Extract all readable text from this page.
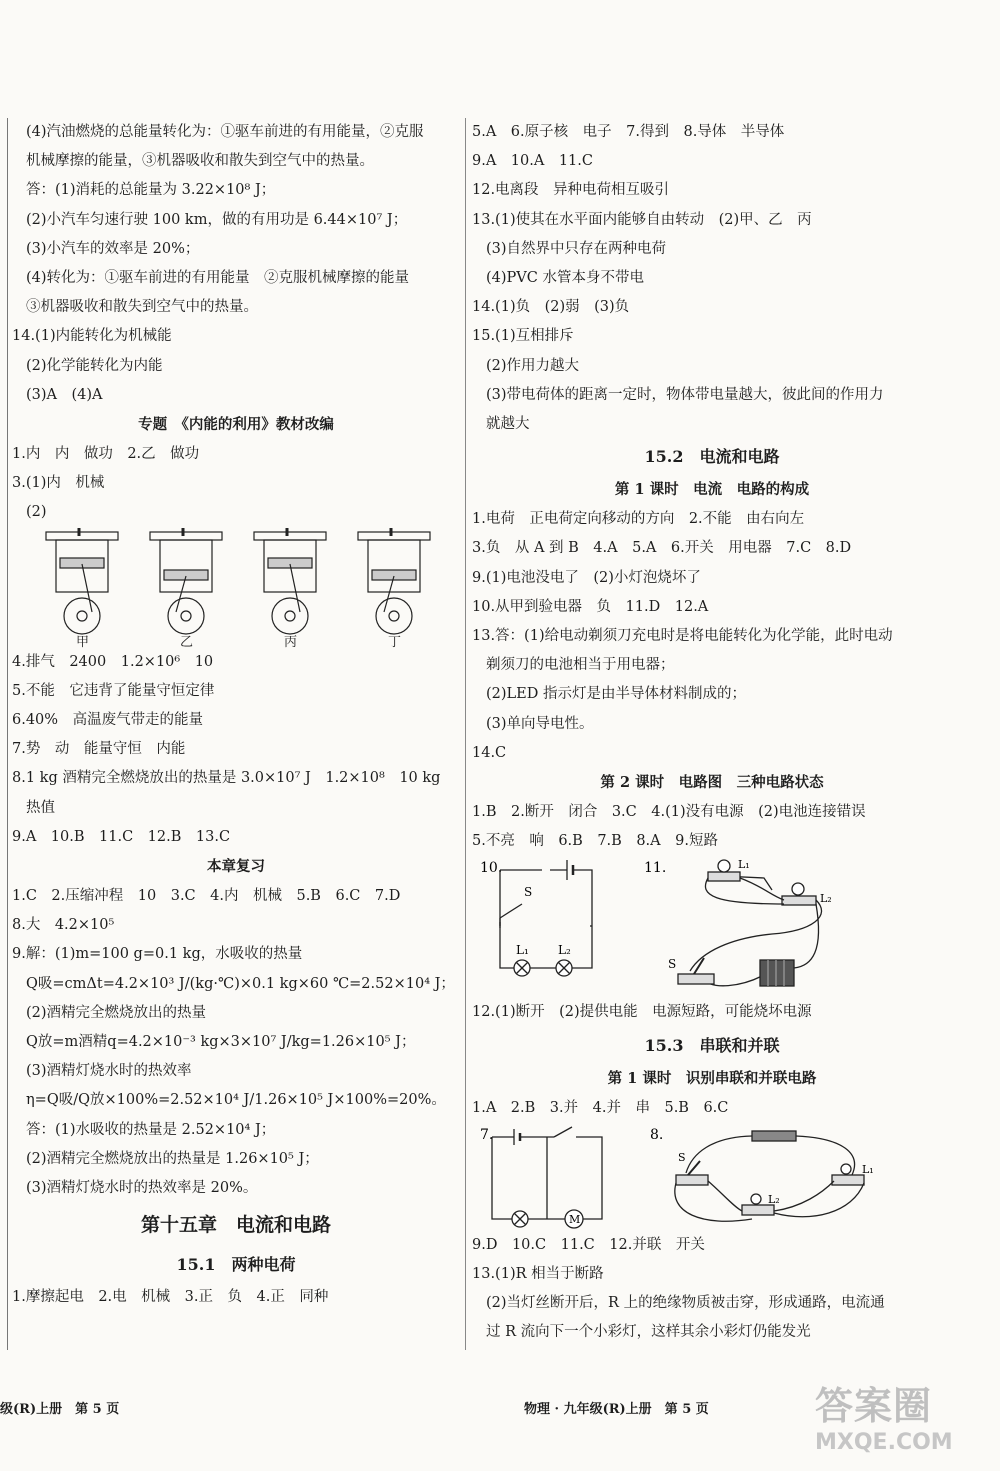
(4)汽油燃烧的总能量转化为：①驱车前进的有用能量，②克服
机械摩擦的能量，③机器吸收和散失到空气中的热量。
答：(1)消耗的总能量为 3.22×10⁸ J；
(2)小汽车匀速行驶 100 km，做的有用功是 6.44×10⁷ J；
(3)小汽车的效率是 20%；
(4)转化为：①驱车前进的有用能量　②克服机械摩擦的能量
③机器吸收和散失到空气中的热量。
14.(1)内能转化为机械能
(2)化学能转化为内能
(3)A　(4)A
专题　《内能的利用》教材改编
1.内　内　做功　2.乙　做功
3.(1)内　机械
(2)
甲	乙	丙	丁
4.排气　2400　1.2×10⁶　10
5.不能　它违背了能量守恒定律
6.40%　高温废气带走的能量
7.势　动　能量守恒　内能
8.1 kg 酒精完全燃烧放出的热量是 3.0×10⁷ J　1.2×10⁸　10 kg
热值
9.A　10.B　11.C　12.B　13.C
本章复习
1.C　2.压缩冲程　10　3.C　4.内　机械　5.B　6.C　7.D
8.大　4.2×10⁵
9.解：(1)m=100 g=0.1 kg，水吸收的热量
Q吸=cmΔt=4.2×10³ J/(kg·℃)×0.1 kg×60 ℃=2.52×10⁴ J；
(2)酒精完全燃烧放出的热量
Q放=m酒精q=4.2×10⁻³ kg×3×10⁷ J/kg=1.26×10⁵ J；
(3)酒精灯烧水时的热效率
η=Q吸/Q放×100%=2.52×10⁴ J/1.26×10⁵ J×100%=20%。
答：(1)水吸收的热量是 2.52×10⁴ J；
(2)酒精完全燃烧放出的热量是 1.26×10⁵ J；
(3)酒精灯烧水时的热效率是 20%。
第十五章　电流和电路
15.1　两种电荷
1.摩擦起电　2.电　机械　3.正　负　4.正　同种
5.A　6.原子核　电子　7.得到　8.导体　半导体
9.A　10.A　11.C
12.电离段　异种电荷相互吸引
13.(1)使其在水平面内能够自由转动　(2)甲、乙　丙
(3)自然界中只存在两种电荷
(4)PVC 水管本身不带电
14.(1)负　(2)弱　(3)负
15.(1)互相排斥
(2)作用力越大
(3)带电荷体的距离一定时，物体带电量越大，彼此间的作用力
就越大
15.2　电流和电路
第 1 课时　电流　电路的构成
1.电荷　正电荷定向移动的方向　2.不能　由右向左
3.负　从 A 到 B　4.A　5.A　6.开关　用电器　7.C　8.D
9.(1)电池没电了　(2)小灯泡烧坏了
10.从甲到验电器　负　11.D　12.A
13.答：(1)给电动剃须刀充电时是将电能转化为化学能，此时电动
剃须刀的电池相当于用电器；
(2)LED 指示灯是由半导体材料制成的；
(3)单向导电性。
14.C
第 2 课时　电路图　三种电路状态
1.B　2.断开　闭合　3.C　4.(1)没有电源　(2)电池连接错误
5.不亮　响　6.B　7.B　8.A　9.短路
10.
S
L₁ L₂
11.	L₁
L₂
S
12.(1)断开　(2)提供电能　电源短路，可能烧坏电源
15.3　串联和并联
第 1 课时　识别串联和并联电路
1.A　2.B　3.并　4.并　串　5.B　6.C
7.
M
8.
S
L₁
L₂
9.D　10.C　11.C　12.并联　开关
13.(1)R 相当于断路
(2)当灯丝断开后，R 上的绝缘物质被击穿，形成通路，电流通
过 R 流向下一个小彩灯，这样其余小彩灯仍能发光
级(R)上册　第 5 页	物理 · 九年级(R)上册　第 5 页	答案圈
MXQE.COM
